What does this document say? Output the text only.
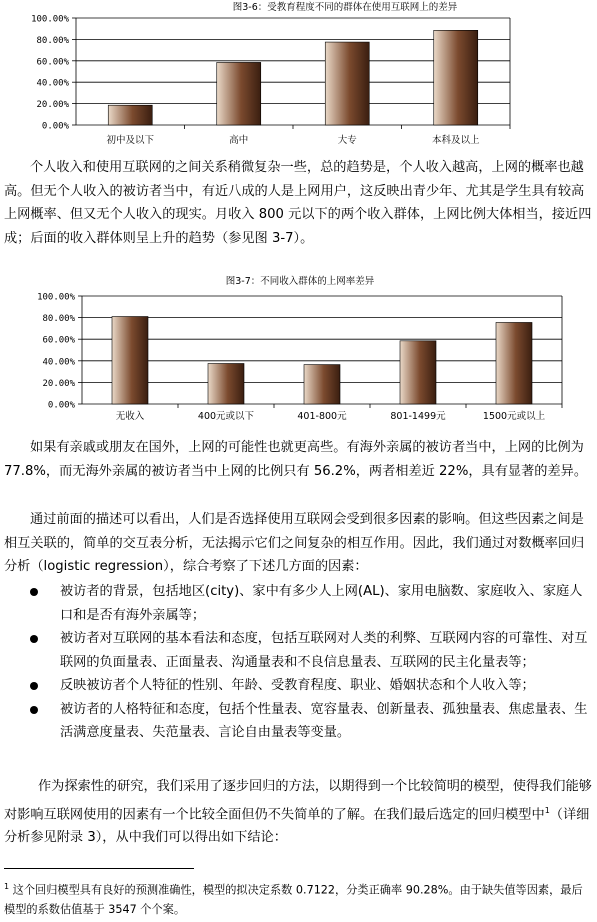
图3-6：受教育程度不同的群体在使用互联网上的差异
100.00%
80.00%
60.00%
40.00%
20.00%
0.00%
初中及以下	高中	大专	本科及以上
个人收入和使用互联网的之间关系稍微复杂一些，总的趋势是，个人收入越高，上网的概率也越高。但无个人收入的被访者当中，有近八成的人是上网用户，这反映出青少年、尤其是学生具有较高上网概率、但又无个人收入的现实。月收入 800 元以下的两个收入群体，上网比例大体相当，接近四成；后面的收入群体则呈上升的趋势（参见图 3-7）。
图3-7：不同收入群体的上网率差异
100.00%
80.00%
60.00%
40.00%
20.00%
0.00%
无收入	400元或以下	401-800元	801-1499元	1500元或以上
如果有亲戚或朋友在国外，上网的可能性也就更高些。有海外亲属的被访者当中，上网的比例为 77.8%，而无海外亲属的被访者当中上网的比例只有 56.2%，两者相差近 22%，具有显著的差异。
通过前面的描述可以看出，人们是否选择使用互联网会受到很多因素的影响。但这些因素之间是相互关联的，简单的交互表分析，无法揭示它们之间复杂的相互作用。因此，我们通过对数概率回归分析（logistic regression），综合考察了下述几方面的因素：
被访者的背景，包括地区(city)、家中有多少人上网(AL)、家用电脑数、家庭收入、家庭人口和是否有海外亲属等；
被访者对互联网的基本看法和态度，包括互联网对人类的利弊、互联网内容的可靠性、对互联网的负面量表、正面量表、沟通量表和不良信息量表、互联网的民主化量表等；
反映被访者个人特征的性别、年龄、受教育程度、职业、婚姻状态和个人收入等；
被访者的人格特征和态度，包括个性量表、宽容量表、创新量表、孤独量表、焦虑量表、生活满意度量表、失范量表、言论自由量表等变量。
作为探索性的研究，我们采用了逐步回归的方法，以期得到一个比较简明的模型，使得我们能够对影响互联网使用的因素有一个比较全面但仍不失简单的了解。在我们最后选定的回归模型中$^1$（详细分析参见附录 3），从中我们可以得出如下结论：
$^1$ 这个回归模型具有良好的预测准确性，模型的拟决定系数 0.7122，分类正确率 90.28%。由于缺失值等因素，最后模型的系数估值基于 3547 个个案。
